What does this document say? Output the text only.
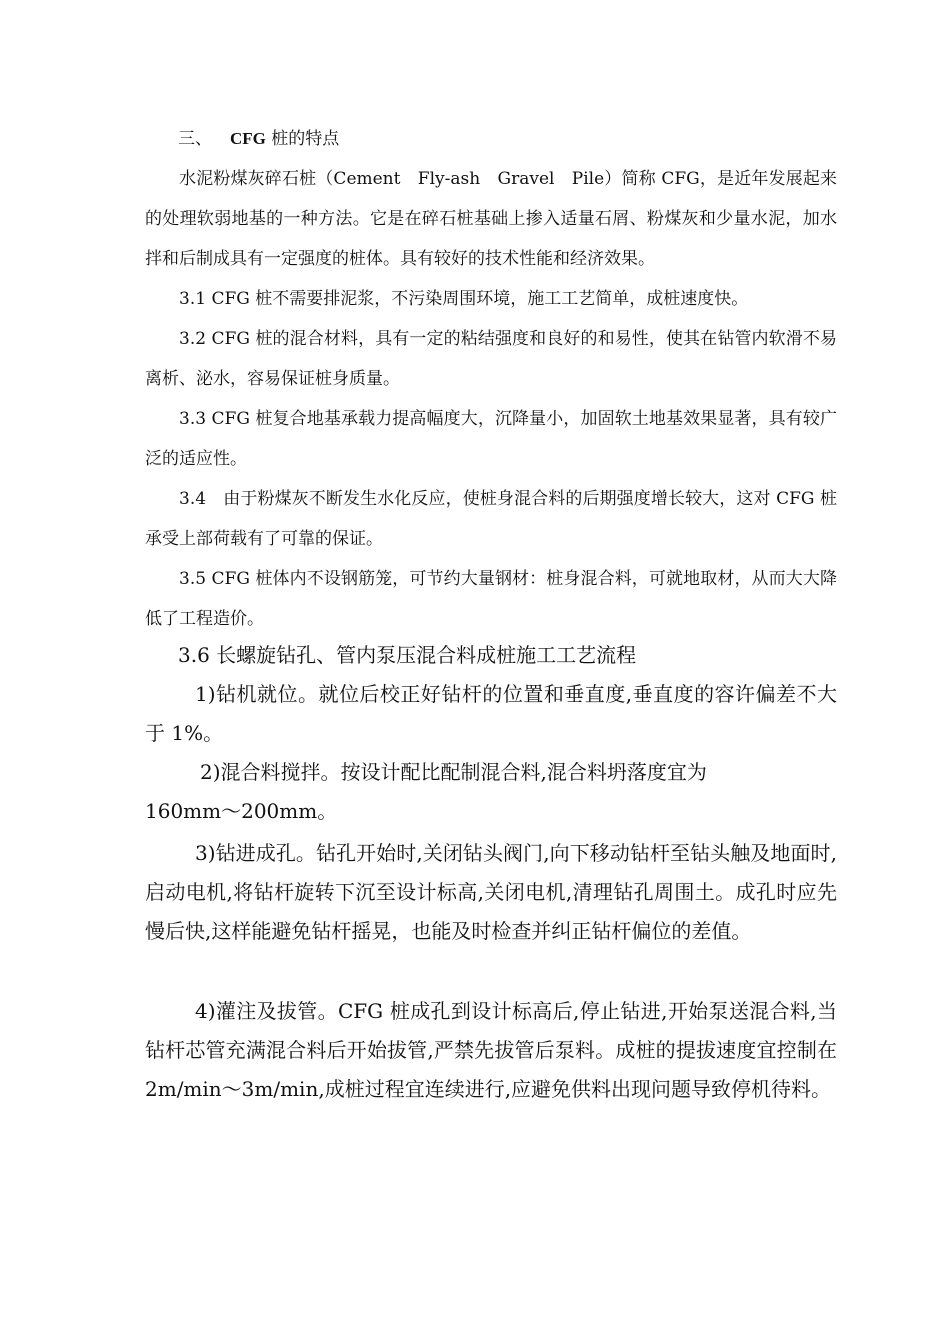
三、 CFG 桩的特点

水泥粉煤灰碎石桩（Cement　Fly-ash　Gravel　Pile）简称 CFG，是近年发展起来的处理软弱地基的一种方法。它是在碎石桩基础上掺入适量石屑、粉煤灰和少量水泥，加水拌和后制成具有一定强度的桩体。具有较好的技术性能和经济效果。

3.1 CFG 桩不需要排泥浆，不污染周围环境，施工工艺简单，成桩速度快。

3.2 CFG 桩的混合材料，具有一定的粘结强度和良好的和易性，使其在钻管内软滑不易离析、泌水，容易保证桩身质量。

3.3 CFG 桩复合地基承载力提高幅度大，沉降量小，加固软土地基效果显著，具有较广泛的适应性。

3.4　由于粉煤灰不断发生水化反应，使桩身混合料的后期强度增长较大，这对 CFG 桩承受上部荷载有了可靠的保证。

3.5 CFG 桩体内不设钢筋笼，可节约大量钢材：桩身混合料，可就地取材，从而大大降低了工程造价。

3.6 长螺旋钻孔、管内泵压混合料成桩施工工艺流程

1)钻机就位。就位后校正好钻杆的位置和垂直度,垂直度的容许偏差不大于 1%。

2)混合料搅拌。按设计配比配制混合料,混合料坍落度宜为

160mm～200mm。

3)钻进成孔。钻孔开始时,关闭钻头阀门,向下移动钻杆至钻头触及地面时,启动电机,将钻杆旋转下沉至设计标高,关闭电机,清理钻孔周围土。成孔时应先慢后快,这样能避免钻杆摇晃，也能及时检查并纠正钻杆偏位的差值。

4)灌注及拔管。CFG 桩成孔到设计标高后,停止钻进,开始泵送混合料,当钻杆芯管充满混合料后开始拔管,严禁先拔管后泵料。成桩的提拔速度宜控制在 2m/min～3m/min,成桩过程宜连续进行,应避免供料出现问题导致停机待料。
